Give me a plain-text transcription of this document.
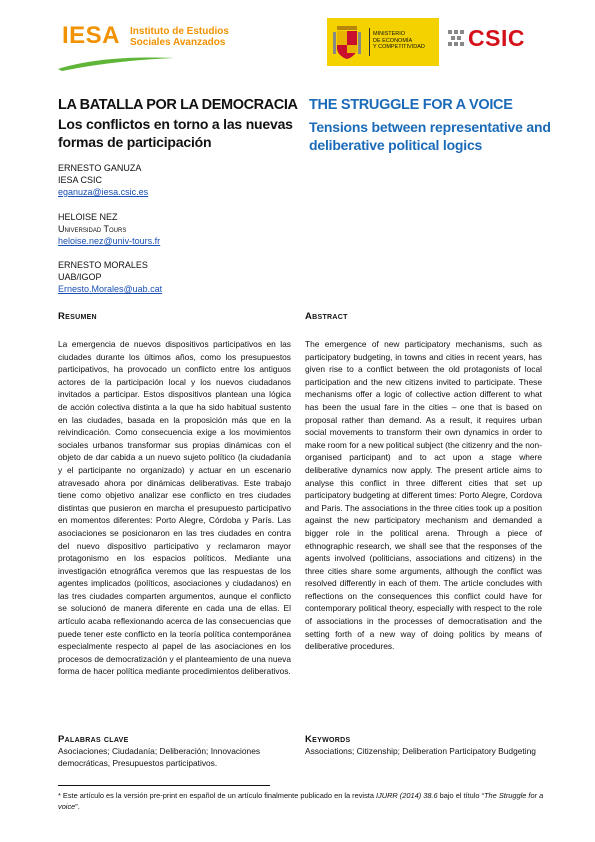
IESA Instituto de Estudios
Sociales Avanzados
MINISTERIO
DE ECONOMÍA
Y COMPETITIVIDAD CSIC
LA BATALLA POR LA DEMOCRACIA
Los conflictos en torno a las nuevas formas de participación
THE STRUGGLE FOR A VOICE
Tensions between representative and deliberative political logics
ERNESTO GANUZA
IESA CSIC
eganuza@iesa.csic.es
HELOISE NEZ
Universidad Tours
heloise.nez@univ-tours.fr
ERNESTO MORALES
UAB/IGOP
Ernesto.Morales@uab.cat
Resumen	Abstract
La emergencia de nuevos dispositivos participativos en las ciudades durante los últimos años, como los presupuestos participativos, ha provocado un conflicto entre los antiguos actores de la participación local y los nuevos ciudadanos invitados a participar. Estos dispositivos plantean una lógica de acción colectiva distinta a la que ha sido habitual sustento en las ciudades, basada en la proposición más que en la reivindicación. Como consecuencia exige a los movimientos sociales urbanos transformar sus propias dinámicas con el objeto de dar cabida a un nuevo sujeto político (la ciudadanía y el participante no organizado) y actuar en un escenario atravesado ahora por dinámicas deliberativas. Este trabajo tiene como objetivo analizar ese conflicto en tres ciudades distintas que pusieron en marcha el presupuesto participativo en momentos diferentes: Porto Alegre, Córdoba y París. Las asociaciones se posicionaron en las tres ciudades en contra del nuevo dispositivo participativo y reclamaron mayor protagonismo en los espacios políticos. Mediante una investigación etnográfica veremos que las respuestas de los agentes implicados (políticos, asociaciones y ciudadanos) en las tres ciudades comparten argumentos, aunque el conflicto se solucionó de manera diferente en cada una de ellas. El artículo acaba reflexionando acerca de las consecuencias que puede tener este conflicto en la teoría política contemporánea especialmente respecto al papel de las asociaciones en los procesos de democratización y el planteamiento de una nueva forma de hacer política mediante procedimientos deliberativos.
The emergence of new participatory mechanisms, such as participatory budgeting, in towns and cities in recent years, has given rise to a conflict between the old protagonists of local participation and the new citizens invited to participate. These mechanisms offer a logic of collective action different to what has been the usual fare in the cities – one that is based on proposal rather than demand. As a result, it requires urban social movements to transform their own dynamics in order to make room for a new political subject (the citizenry and the non-organised participant) and to act upon a stage where deliberative dynamics now apply. The present article aims to analyse this conflict in three different cities that set up participatory budgeting at different times: Porto Alegre, Cordova and Paris. The associations in the three cities took up a position against the new participatory mechanism and demanded a bigger role in the political arena. Through a piece of ethnographic research, we shall see that the responses of the agents involved (politicians, associations and citizens) in the three cities share some arguments, although the conflict was resolved differently in each of them. The article concludes with reflections on the consequences this conflict could have for contemporary political theory, especially with respect to the role of associations in the processes of democratisation and the setting forth of a new way of doing politics by means of deliberative procedures.
Palabras clave
Asociaciones; Ciudadanía; Deliberación; Innovaciones democráticas, Presupuestos participativos.
Keywords
Associations; Citizenship; Deliberation Participatory Budgeting
* Este artículo es la versión pre-print en español de un artículo finalmente publicado en la revista IJURR (2014) 38.6 bajo el título “The Struggle for a voice”.
